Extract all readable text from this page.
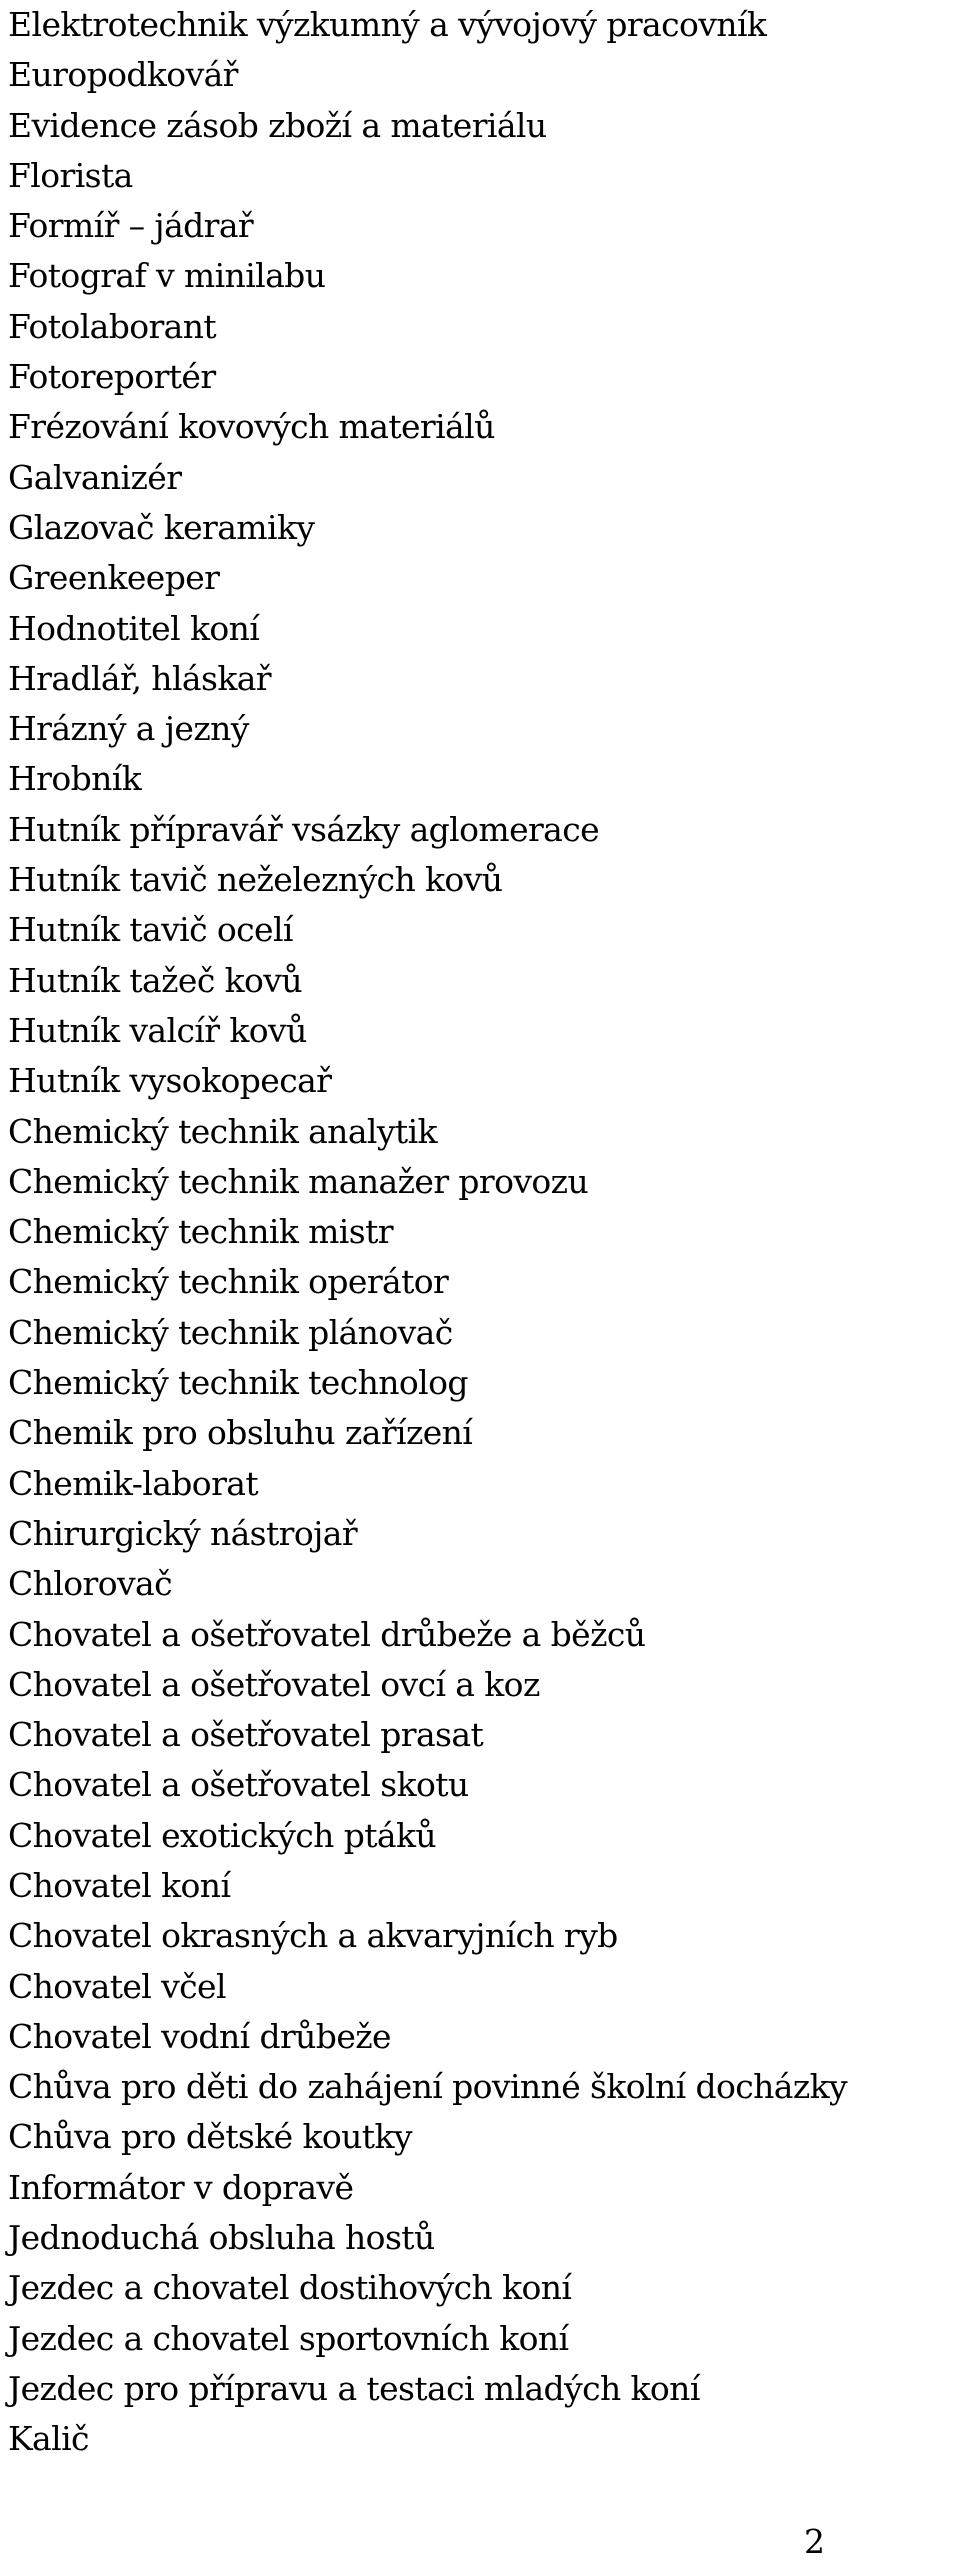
Elektrotechnik výzkumný a vývojový pracovník
Europodkovář
Evidence zásob zboží a materiálu
Florista
Formíř – jádrař
Fotograf v minilabu
Fotolaborant
Fotoreportér
Frézování kovových materiálů
Galvanizér
Glazovač keramiky
Greenkeeper
Hodnotitel koní
Hradlář, hláskař
Hrázný a jezný
Hrobník
Hutník přípravář vsázky aglomerace
Hutník tavič neželezných kovů
Hutník tavič ocelí
Hutník tažeč kovů
Hutník valcíř kovů
Hutník vysokopecař
Chemický technik analytik
Chemický technik manažer provozu
Chemický technik mistr
Chemický technik operátor
Chemický technik plánovač
Chemický technik technolog
Chemik pro obsluhu zařízení
Chemik-laborat
Chirurgický nástrojař
Chlorovač
Chovatel a ošetřovatel drůbeže a běžců
Chovatel a ošetřovatel ovcí a koz
Chovatel a ošetřovatel prasat
Chovatel a ošetřovatel skotu
Chovatel exotických ptáků
Chovatel koní
Chovatel okrasných a akvaryjních ryb
Chovatel včel
Chovatel vodní drůbeže
Chůva pro děti do zahájení povinné školní docházky
Chůva pro dětské koutky
Informátor v dopravě
Jednoduchá obsluha hostů
Jezdec a chovatel dostihových koní
Jezdec a chovatel sportovních koní
Jezdec pro přípravu a testaci mladých koní
Kalič
2
